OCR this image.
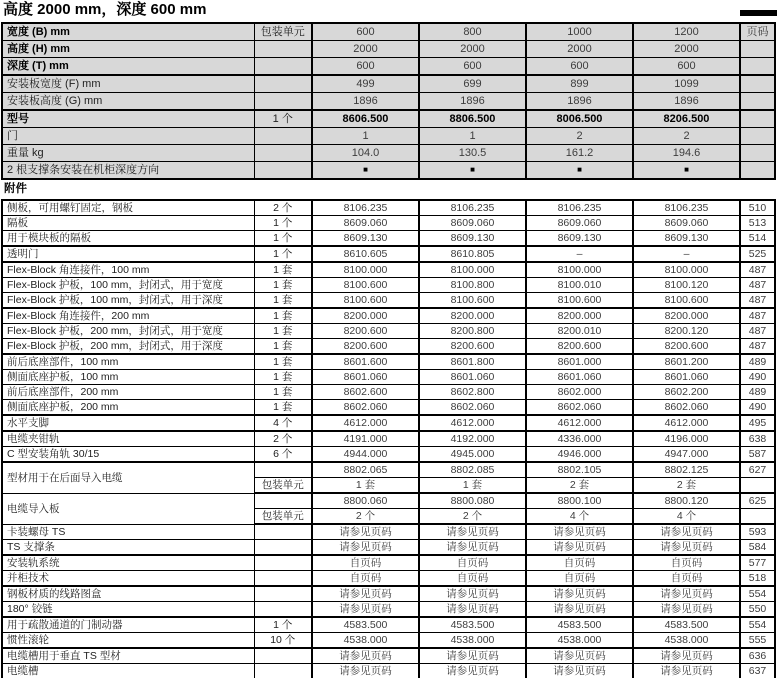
高度 2000 mm，深度 600 mm
宽度 (B) mm	包装单元	600	800	1000	1200	页码
高度 (H) mm		2000	2000	2000	2000	
深度 (T) mm		600	600	600	600	
安装板宽度 (F) mm		499	699	899	1099	
安装板高度 (G) mm		1896	1896	1896	1896	
型号	1 个	8606.500	8806.500	8006.500	8206.500	
门		1	1	2	2	
重量 kg		104.0	130.5	161.2	194.6	
2 根支撑条安装在机柜深度方向		■	■	■	■	
附件
侧板，可用螺钉固定，钢板	2 个	8106.235	8106.235	8106.235	8106.235	510
隔板	1 个	8609.060	8609.060	8609.060	8609.060	513
用于模块板的隔板	1 个	8609.130	8609.130	8609.130	8609.130	514
透明门	1 个	8610.605	8610.805	–	–	525
Flex-Block 角连接件，100 mm	1 套	8100.000	8100.000	8100.000	8100.000	487
Flex-Block 护板，100 mm，封闭式，用于宽度	1 套	8100.600	8100.800	8100.010	8100.120	487
Flex-Block 护板，100 mm，封闭式，用于深度	1 套	8100.600	8100.600	8100.600	8100.600	487
Flex-Block 角连接件，200 mm	1 套	8200.000	8200.000	8200.000	8200.000	487
Flex-Block 护板，200 mm，封闭式，用于宽度	1 套	8200.600	8200.800	8200.010	8200.120	487
Flex-Block 护板，200 mm，封闭式，用于深度	1 套	8200.600	8200.600	8200.600	8200.600	487
前后底座部件，100 mm	1 套	8601.600	8601.800	8601.000	8601.200	489
侧面底座护板，100 mm	1 套	8601.060	8601.060	8601.060	8601.060	490
前后底座部件，200 mm	1 套	8602.600	8602.800	8602.000	8602.200	489
侧面底座护板，200 mm	1 套	8602.060	8602.060	8602.060	8602.060	490
水平支脚	4 个	4612.000	4612.000	4612.000	4612.000	495
电缆夹钳轨	2 个	4191.000	4192.000	4336.000	4196.000	638
C 型安装角轨 30/15	6 个	4944.000	4945.000	4946.000	4947.000	587
型材用于在后面导入电缆		8802.065	8802.085	8802.105	8802.125	627
	包装单元	1 套	1 套	2 套	2 套	
电缆导入板		8800.060	8800.080	8800.100	8800.120	625
	包装单元	2 个	2 个	4 个	4 个	
卡装螺母 TS		请参见页码	请参见页码	请参见页码	请参见页码	593
TS 支撑条		请参见页码	请参见页码	请参见页码	请参见页码	584
安装轨系统		自页码	自页码	自页码	自页码	577
并柜技术		自页码	自页码	自页码	自页码	518
钢板材质的线路图盒		请参见页码	请参见页码	请参见页码	请参见页码	554
180° 铰链		请参见页码	请参见页码	请参见页码	请参见页码	550
用于疏散通道的门制动器	1 个	4583.500	4583.500	4583.500	4583.500	554
惯性滚轮	10 个	4538.000	4538.000	4538.000	4538.000	555
电缆槽用于垂直 TS 型材		请参见页码	请参见页码	请参见页码	请参见页码	636
电缆槽		请参见页码	请参见页码	请参见页码	请参见页码	637
